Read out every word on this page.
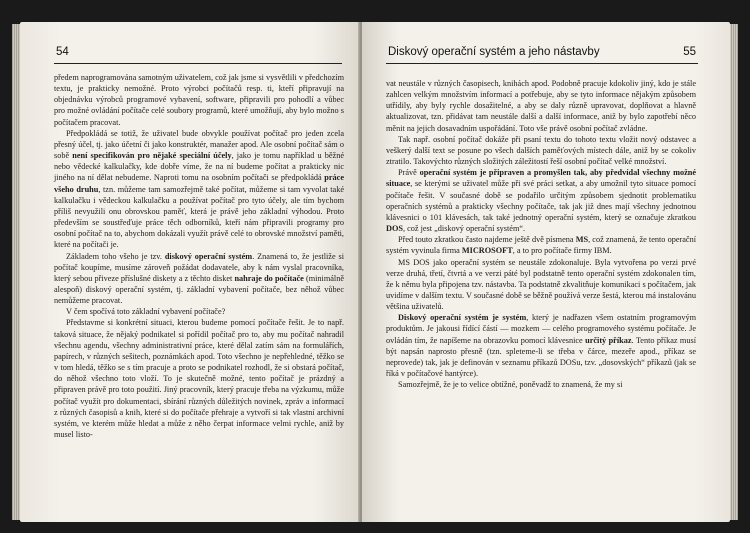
54

předem naprogramována samotným uživatelem, což jak jsme si vysvětlili v předchozím textu, je prakticky nemožné. Proto výrobci počítačů resp. ti, kteří připravují na objednávku výrobců programové vybavení, software, připravili pro pohodlí a vůbec pro možné ovládání počítače celé soubory programů, které umožňují, aby bylo možno s počítačem pracovat.

Předpokládá se totiž, že uživatel bude obvykle používat počítač pro jeden zcela přesný účel, tj. jako účetní či jako konstruktér, manažer apod. Ale osobní počítač sám o sobě není specifikován pro nějaké speciální účely, jako je tomu například u běžné nebo vědecké kalkulačky, kde dobře víme, že na ní budeme počítat a prakticky nic jiného na ní dělat nebudeme. Naproti tomu na osobním počítači se předpokládá práce všeho druhu, tzn. můžeme tam samozřejmě také počítat, můžeme si tam vyvolat také kalkulačku i vědeckou kalkulačku a používat počítač pro tyto účely, ale tím bychom příliš nevyužili onu obrovskou paměť, která je právě jeho základní výhodou. Proto především se soustřeďuje práce těch odborníků, kteří nám připravili programy pro osobní počítač na to, abychom dokázali využít právě celé to obrovské množství paměti, které na počítači je.

Základem toho všeho je tzv. diskový operační systém. Znamená to, že jestliže si počítač koupíme, musíme zároveň požádat dodavatele, aby k nám vyslal pracovníka, který sebou přiveze příslušné diskety a z těchto disket nahraje do počítače (minimálně alespoň) diskový operační systém, tj. základní vybavení počítače, bez něhož vůbec nemůžeme pracovat.

V čem spočívá toto základní vybavení počítače?

Představme si konkrétní situaci, kterou budeme pomocí počítače řešit. Je to např. taková situace, že nějaký podnikatel si pořídil počítač pro to, aby mu počítač nahradil všechnu agendu, všechny administrativní práce, které dělal zatím sám na formulářích, papírech, v různých sešitech, poznámkách apod. Toto všechno je nepřehledné, těžko se v tom hledá, těžko se s tím pracuje a proto se podnikatel rozhodl, že si obstará počítač, do něhož všechno toto vloží. To je skutečně možné, tento počítač je prázdný a připraven právě pro toto použití. Jiný pracovník, který pracuje třeba na výzkumu, může počítač využít pro dokumentaci, sbírání různých důležitých novinek, zpráv a informací z různých časopisů a knih, které si do počítače přehraje a vytvoří si tak vlastní archivní systém, ve kterém může hledat a může z něho čerpat informace velmi rychle, aniž by musel listo-

Diskový operační systém a jeho nástavby	55

vat neustále v různých časopisech, knihách apod. Podobně pracuje kdokoliv jiný, kdo je stále zahlcen velkým množstvím informací a potřebuje, aby se tyto informace nějakým způsobem utřídily, aby byly rychle dosažitelné, a aby se daly různě upravovat, doplňovat a hlavně aktualizovat, tzn. přidávat tam neustále další a další informace, aniž by bylo zapotřebí něco měnit na jejich dosavadním uspořádání. Toto vše právě osobní počítač zvládne.

Tak např. osobní počítač dokáže při psaní textu do tohoto textu vložit nový odstavec a veškerý další text se posune po všech dalších paměťových místech dále, aniž by se cokoliv ztratilo. Takovýchto různých složitých záležitostí řeší osobní počítač velké množství.

Právě operační systém je připraven a promyšlen tak, aby předvídal všechny možné situace, se kterými se uživatel může při své práci setkat, a aby umožnil tyto situace pomocí počítače řešit. V současné době se podařilo určitým způsobem sjednotit problematiku operačních systémů a prakticky všechny počítače, tak jak již dnes mají všechny jednotnou klávesnici o 101 klávesách, tak také jednotný operační systém, který se označuje zkratkou DOS, což jest „diskový operační systém“.

Před touto zkratkou často najdeme ještě dvě písmena MS, což znamená, že tento operační systém vyvinula firma MICROSOFT, a to pro počítače firmy IBM.

MS DOS jako operační systém se neustále zdokonaluje. Byla vytvořena po verzi prvé verze druhá, třetí, čtvrtá a ve verzi páté byl podstatně tento operační systém zdokonalen tím, že k němu byla připojena tzv. nástavba. Ta podstatně zkvalitňuje komunikaci s počítačem, jak uvidíme v dalším textu. V současné době se běžně používá verze šestá, kterou má instalovánu většina uživatelů.

Diskový operační systém je systém, který je nadřazen všem ostatním programovým produktům. Je jakousi řídící částí — mozkem — celého programového systému počítače. Je ovládán tím, že napíšeme na obrazovku pomocí klávesnice určitý příkaz. Tento příkaz musí být napsán naprosto přesně (tzn. spleteme-li se třeba v čárce, mezeře apod., příkaz se neprovede) tak, jak je definován v seznamu příkazů DOSu, tzv. „dosovských“ příkazů (jak se říká v počítačové hantýrce).

Samozřejmě, že je to velice obtížné, poněvadž to znamená, že my si
